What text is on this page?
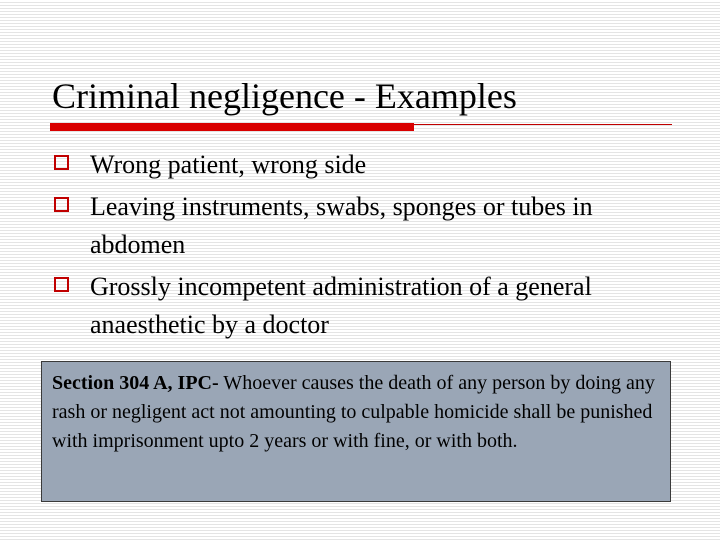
Criminal negligence - Examples
Wrong patient, wrong side
Leaving instruments, swabs, sponges or tubes in abdomen
Grossly incompetent administration of a general anaesthetic by a doctor
Section 304 A, IPC- Whoever causes the death of any person by doing any rash or negligent act not amounting to culpable homicide shall be punished with imprisonment upto 2 years or with fine, or with both.
